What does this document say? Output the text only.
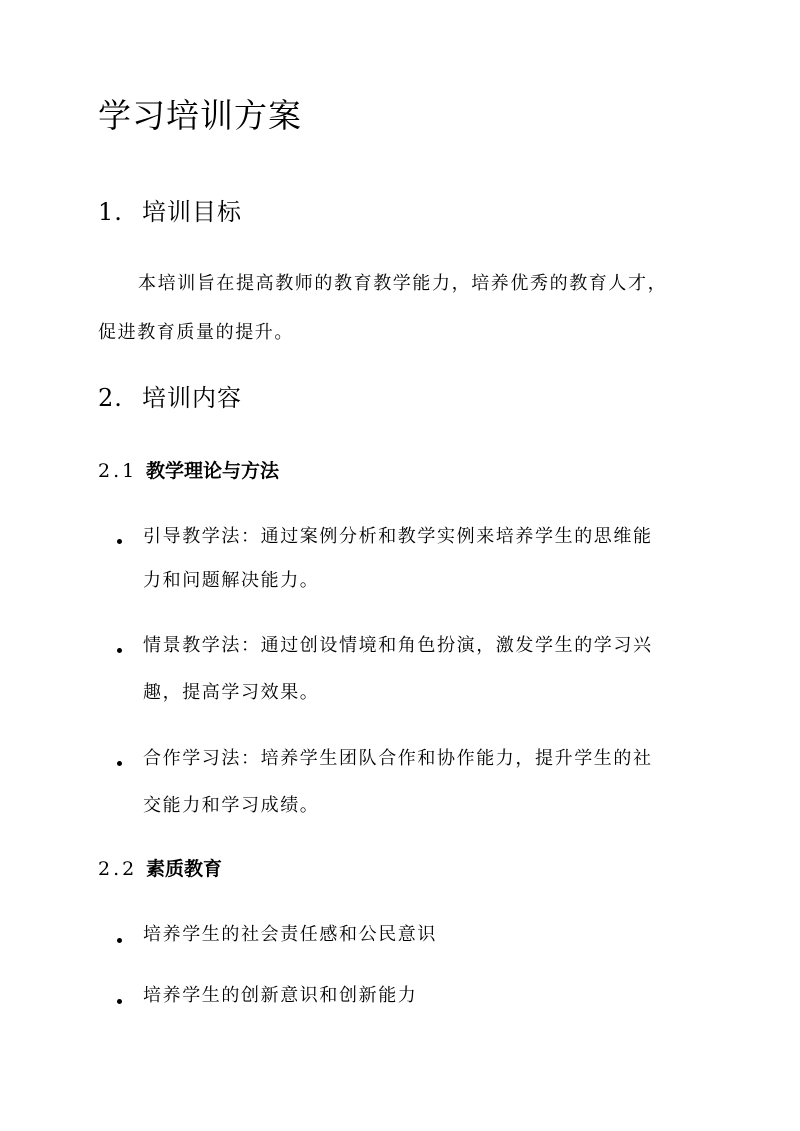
学习培训方案
1. 培训目标
本培训旨在提高教师的教育教学能力，培养优秀的教育人才，
促进教育质量的提升。
2. 培训内容
2.1 教学理论与方法
引导教学法：通过案例分析和教学实例来培养学生的思维能
力和问题解决能力。
情景教学法：通过创设情境和角色扮演，激发学生的学习兴
趣，提高学习效果。
合作学习法：培养学生团队合作和协作能力，提升学生的社
交能力和学习成绩。
2.2 素质教育
培养学生的社会责任感和公民意识
培养学生的创新意识和创新能力
